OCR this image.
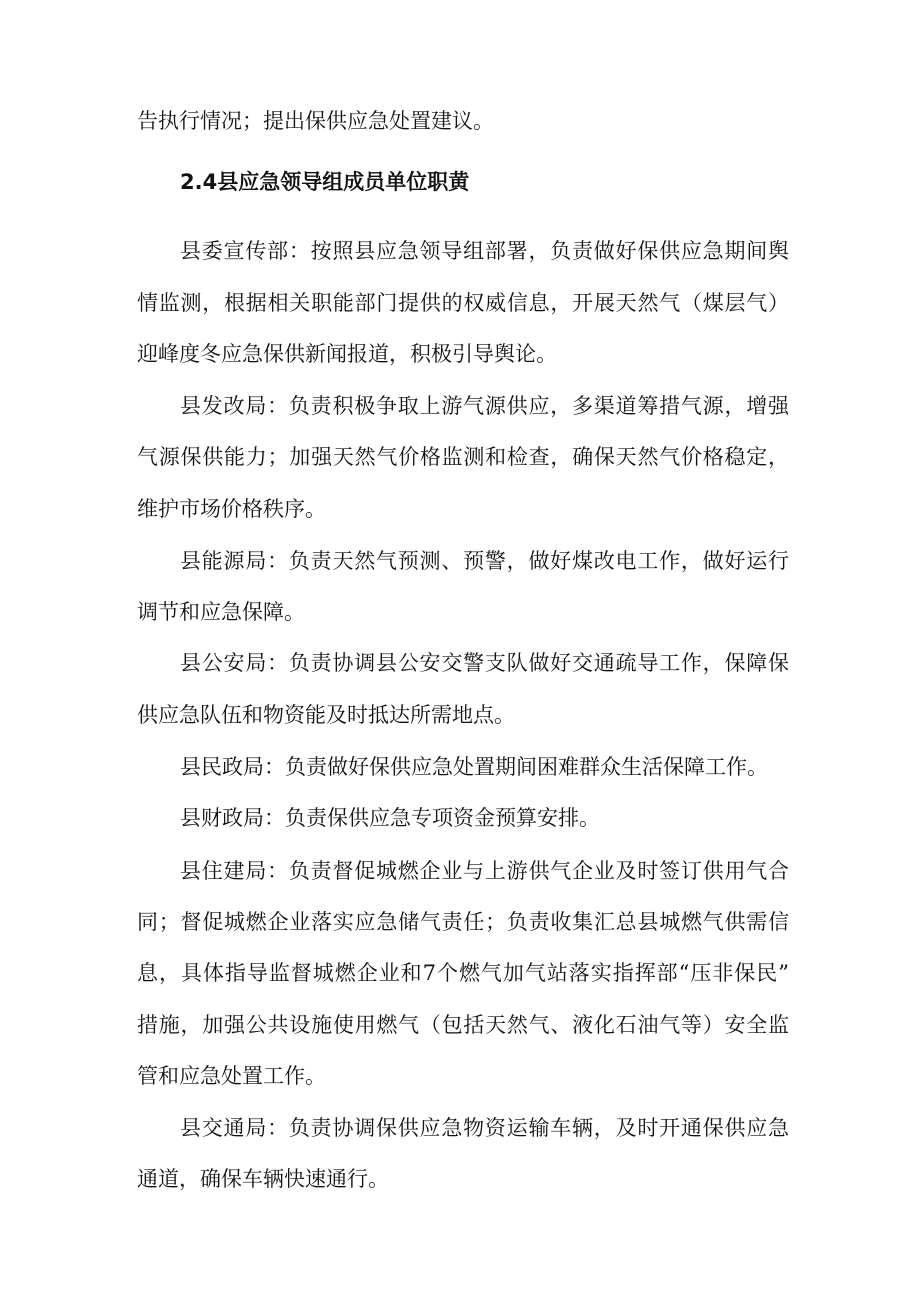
告执行情况；提出保供应急处置建议。
2.4县应急领导组成员单位职黄
县委宣传部：按照县应急领导组部署，负责做好保供应急期间舆
情监测，根据相关职能部门提供的权威信息，开展天然气（煤层气）
迎峰度冬应急保供新闻报道，积极引导舆论。
县发改局：负责积极争取上游气源供应，多渠道筹措气源，增强
气源保供能力；加强天然气价格监测和检查，确保天然气价格稳定，
维护市场价格秩序。
县能源局：负责天然气预测、预警，做好煤改电工作，做好运行
调节和应急保障。
县公安局：负责协调县公安交警支队做好交通疏导工作，保障保
供应急队伍和物资能及时抵达所需地点。
县民政局：负责做好保供应急处置期间困难群众生活保障工作。
县财政局：负责保供应急专项资金预算安排。
县住建局：负责督促城燃企业与上游供气企业及时签订供用气合
同；督促城燃企业落实应急储气责任；负责收集汇总县城燃气供需信
息，具体指导监督城燃企业和7个燃气加气站落实指挥部“压非保民”
措施，加强公共设施使用燃气（包括天然气、液化石油气等）安全监
管和应急处置工作。
县交通局：负责协调保供应急物资运输车辆，及时开通保供应急
通道，确保车辆快速通行。
